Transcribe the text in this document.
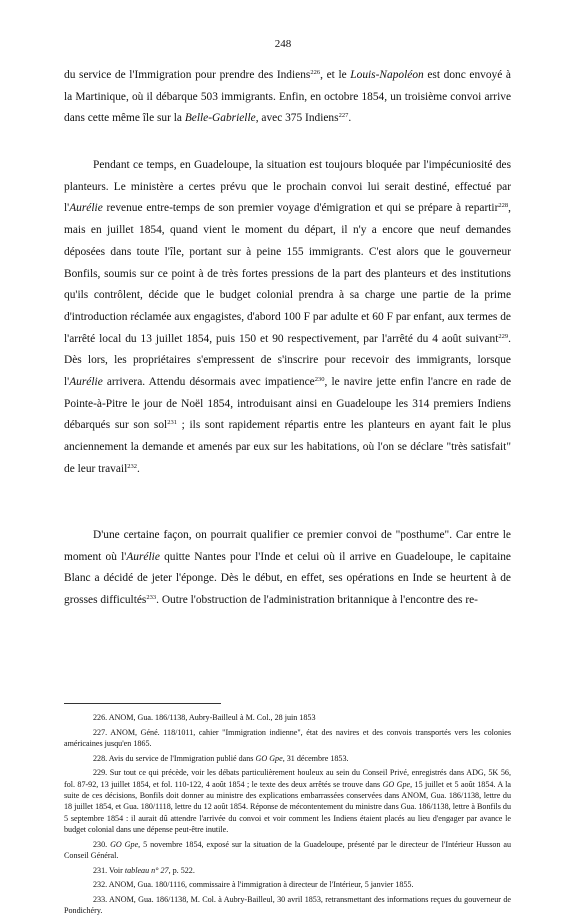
248

du service de l'Immigration pour prendre des Indiens$^{226}$, et le Louis-Napoléon est donc envoyé à la Martinique, où il débarque 503 immigrants. Enfin, en octobre 1854, un troisième convoi arrive dans cette même île sur la Belle-Gabrielle, avec 375 Indiens$^{227}$.

Pendant ce temps, en Guadeloupe, la situation est toujours bloquée par l'impécuniosité des planteurs. Le ministère a certes prévu que le prochain convoi lui serait destiné, effectué par l'Aurélie revenue entre-temps de son premier voyage d'émigration et qui se prépare à repartir$^{228}$, mais en juillet 1854, quand vient le moment du départ, il n'y a encore que neuf demandes déposées dans toute l'île, portant sur à peine 155 immigrants. C'est alors que le gouverneur Bonfils, soumis sur ce point à de très fortes pressions de la part des planteurs et des institutions qu'ils contrôlent, décide que le budget colonial prendra à sa charge une partie de la prime d'introduction réclamée aux engagistes, d'abord 100 F par adulte et 60 F par enfant, aux termes de l'arrêté local du 13 juillet 1854, puis 150 et 90 respectivement, par l'arrêté du 4 août suivant$^{229}$. Dès lors, les propriétaires s'empressent de s'inscrire pour recevoir des immigrants, lorsque l'Aurélie arrivera. Attendu désormais avec impatience$^{230}$, le navire jette enfin l'ancre en rade de Pointe-à-Pitre le jour de Noël 1854, introduisant ainsi en Guadeloupe les 314 premiers Indiens débarqués sur son sol$^{231}$ ; ils sont rapidement répartis entre les planteurs en ayant fait le plus anciennement la demande et amenés par eux sur les habitations, où l'on se déclare "très satisfait" de leur travail$^{232}$.

D'une certaine façon, on pourrait qualifier ce premier convoi de "posthume". Car entre le moment où l'Aurélie quitte Nantes pour l'Inde et celui où il arrive en Guadeloupe, le capitaine Blanc a décidé de jeter l'éponge. Dès le début, en effet, ses opérations en Inde se heurtent à de grosses difficultés$^{233}$. Outre l'obstruction de l'administration britannique à l'encontre des re-

226. ANOM, Gua. 186/1138, Aubry-Bailleul à M. Col., 28 juin 1853
227. ANOM, Géné. 118/1011, cahier "Immigration indienne", état des navires et des convois transportés vers les colonies américaines jusqu'en 1865.
228. Avis du service de l'Immigration publié dans GO Gpe, 31 décembre 1853.
229. Sur tout ce qui précède, voir les débats particulièrement houleux au sein du Conseil Privé, enregistrés dans ADG, 5K 56, fol. 87-92, 13 juillet 1854, et fol. 110-122, 4 août 1854 ; le texte des deux arrêtés se trouve dans GO Gpe, 15 juillet et 5 août 1854. A la suite de ces décisions, Bonfils doit donner au ministre des explications embarrassées conservées dans ANOM, Gua. 186/1138, lettre du 18 juillet 1854, et Gua. 180/1118, lettre du 12 août 1854. Réponse de mécontentement du ministre dans Gua. 186/1138, lettre à Bonfils du 5 septembre 1854 : il aurait dû attendre l'arrivée du convoi et voir comment les Indiens étaient placés au lieu d'engager par avance le budget colonial dans une dépense peut-être inutile.
230. GO Gpe, 5 novembre 1854, exposé sur la situation de la Guadeloupe, présenté par le directeur de l'Intérieur Husson au Conseil Général.
231. Voir tableau n° 27, p. 522.
232. ANOM, Gua. 180/1116, commissaire à l'immigration à directeur de l'Intérieur, 5 janvier 1855.
233. ANOM, Gua. 186/1138, M. Col. à Aubry-Bailleul, 30 avril 1853, retransmettant des informations reçues du gouverneur de Pondichéry.
